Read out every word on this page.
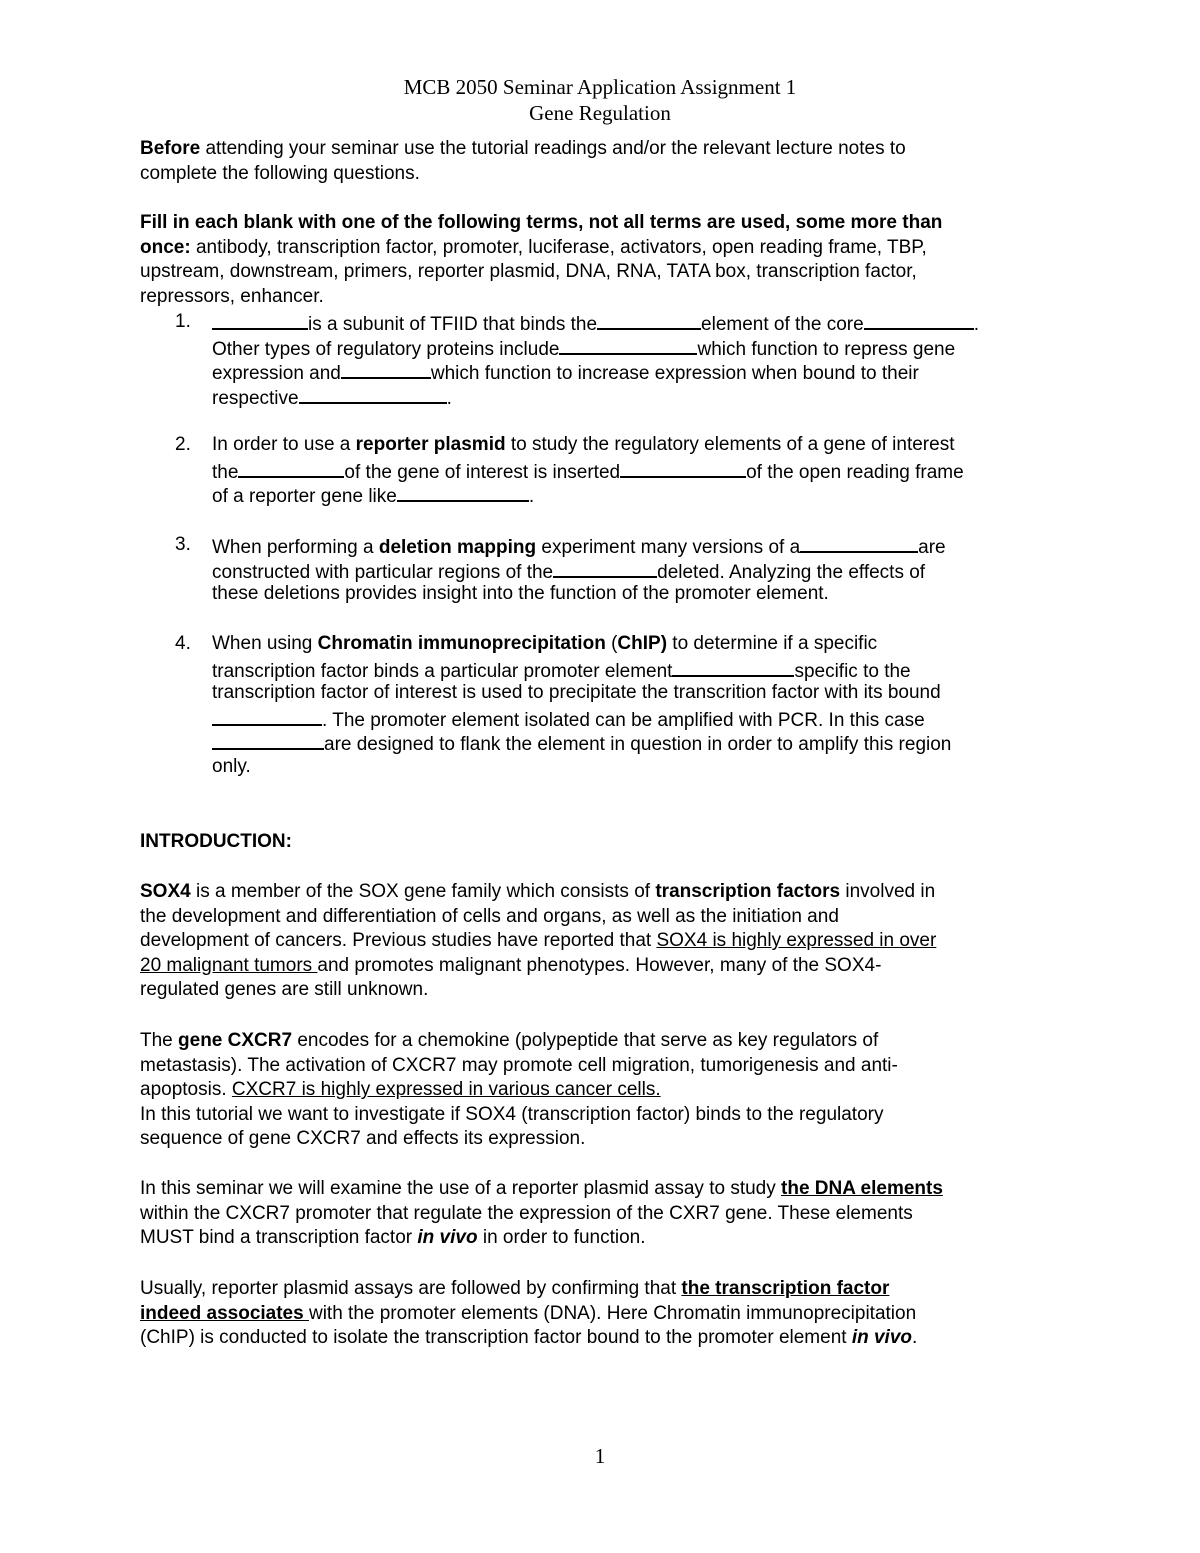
MCB 2050 Seminar Application Assignment 1
Gene Regulation
Before attending your seminar use the tutorial readings and/or the relevant lecture notes to
complete the following questions.
Fill in each blank with one of the following terms, not all terms are used, some more than
once: antibody, transcription factor, promoter, luciferase, activators, open reading frame, TBP,
upstream, downstream, primers, reporter plasmid, DNA, RNA, TATA box, transcription factor,
repressors, enhancer.
1.	is a subunit of TFIID that binds the	element of the core	.
Other types of regulatory proteins include	which function to repress gene
expression and	which function to increase expression when bound to their
respective	.
2. In order to use a reporter plasmid to study the regulatory elements of a gene of interest
the	of the gene of interest is inserted	of the open reading frame
of a reporter gene like	.
3. When performing a deletion mapping experiment many versions of a	are
constructed with particular regions of the	deleted. Analyzing the effects of
these deletions provides insight into the function of the promoter element.
4. When using Chromatin immunoprecipitation (ChIP) to determine if a specific
transcription factor binds a particular promoter element	specific to the
transcription factor of interest is used to precipitate the transcrition factor with its bound
. The promoter element isolated can be amplified with PCR. In this case
are designed to flank the element in question in order to amplify this region
only.
INTRODUCTION:
SOX4 is a member of the SOX gene family which consists of transcription factors involved in
the development and differentiation of cells and organs, as well as the initiation and
development of cancers. Previous studies have reported that SOX4 is highly expressed in over
20 malignant tumors and promotes malignant phenotypes. However, many of the SOX4-
regulated genes are still unknown.
The gene CXCR7 encodes for a chemokine (polypeptide that serve as key regulators of
metastasis). The activation of CXCR7 may promote cell migration, tumorigenesis and anti-
apoptosis. CXCR7 is highly expressed in various cancer cells.
In this tutorial we want to investigate if SOX4 (transcription factor) binds to the regulatory
sequence of gene CXCR7 and effects its expression.
In this seminar we will examine the use of a reporter plasmid assay to study the DNA elements
within the CXCR7 promoter that regulate the expression of the CXR7 gene. These elements
MUST bind a transcription factor in vivo in order to function.
Usually, reporter plasmid assays are followed by confirming that the transcription factor
indeed associates with the promoter elements (DNA). Here Chromatin immunoprecipitation
(ChIP) is conducted to isolate the transcription factor bound to the promoter element in vivo.
1
